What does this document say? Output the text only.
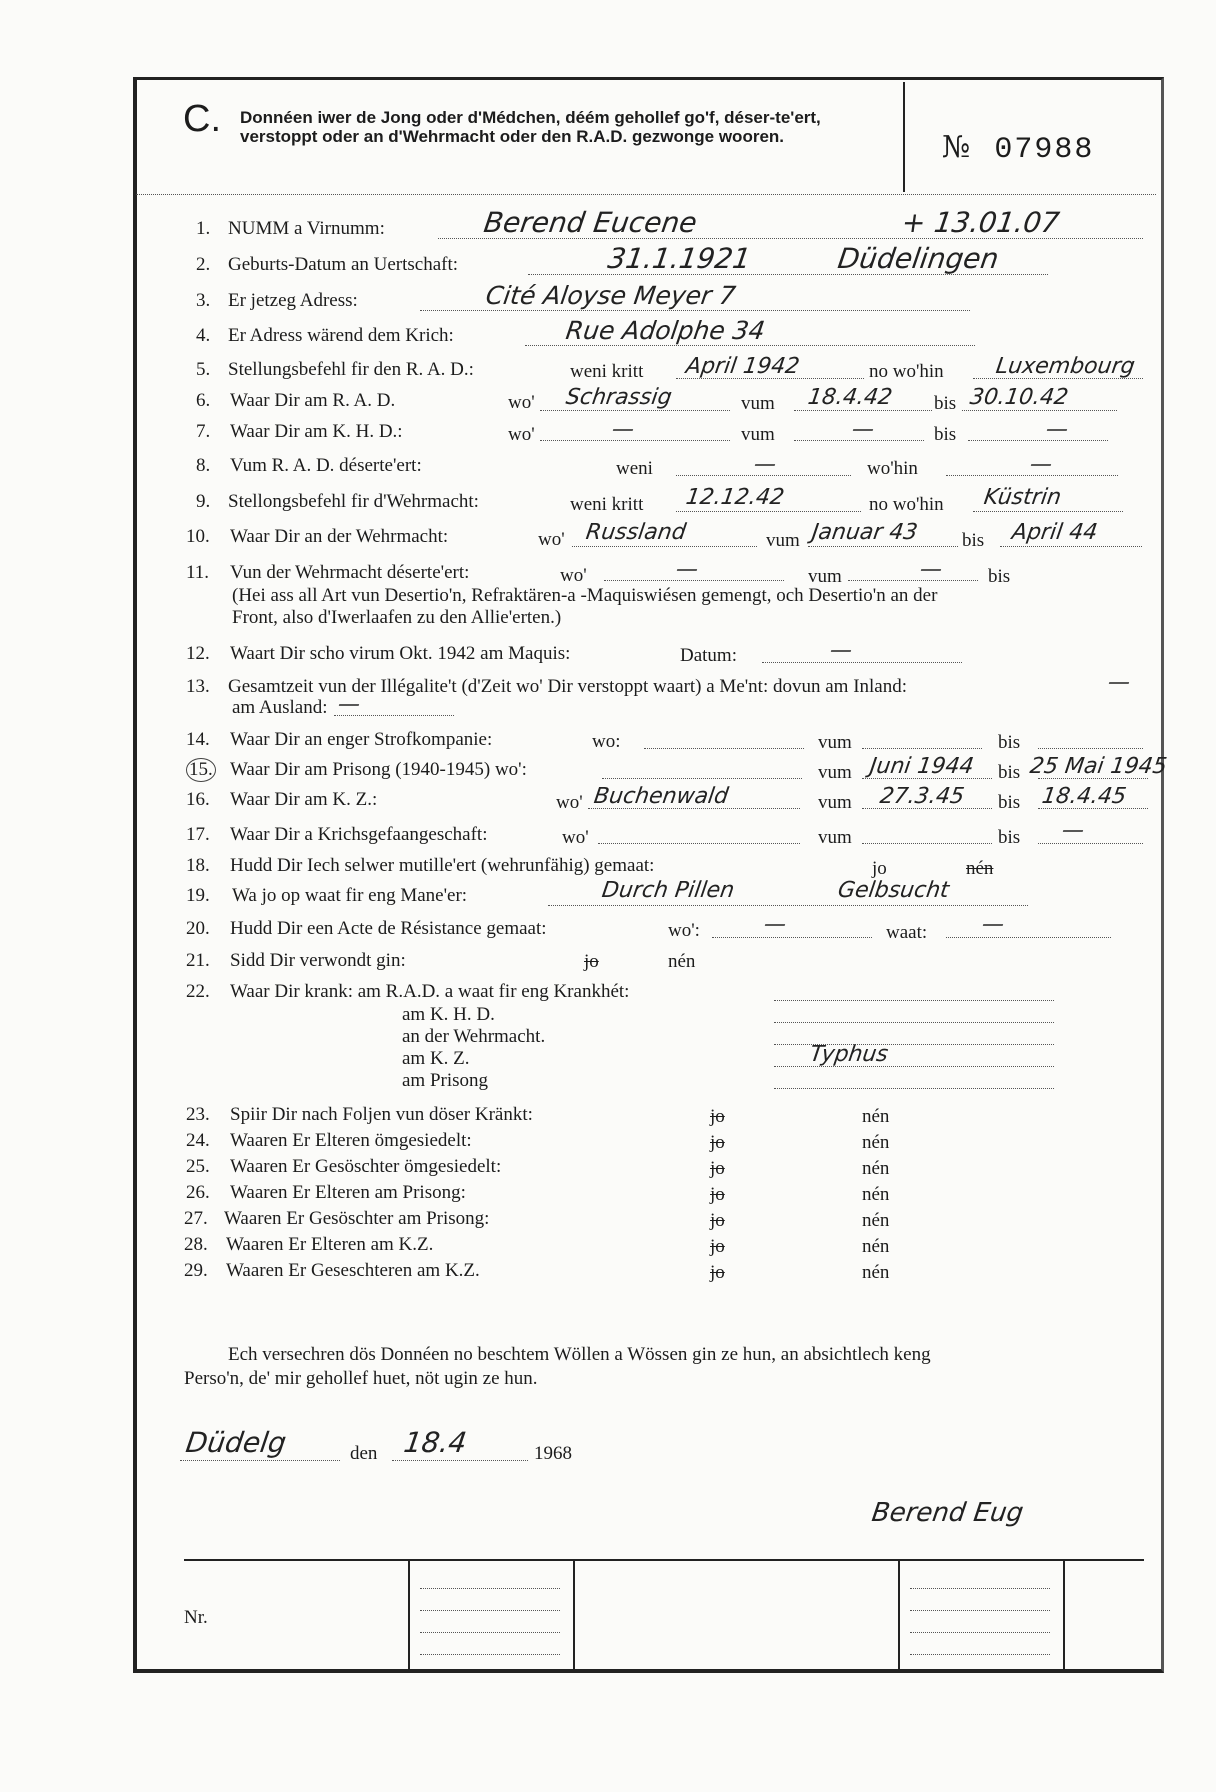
C. Donnéen iwer de Jong oder d'Médchen, déém gehollef go'f, déser-te'ert, verstoppt oder an d'Wehrmacht oder den R.A.D. gezwonge wooren.	№ 07988
1. NUMM a Virnumm:	Berend Eucene	+ 13.01.07
2. Geburts-Datum an Uertschaft:	31.1.1921	Düdelingen
3. Er jetzeg Adress:	Cité Aloyse Meyer 7
4. Er Adress wärend dem Krich:	Rue Adolphe 34
5. Stellungsbefehl fir den R. A. D.:	weni kritt April 1942	no wo'hin Luxembourg
6. Waar Dir am R. A. D.	wo' Schrassig	vum 18.4.42 bis 30.10.42
7. Waar Dir am K. H. D.:	wo'	—	vum	—	bis	—
8. Vum R. A. D. déserte'ert:	weni	—	wo'hin	—
9. Stellongsbefehl fir d'Wehrmacht:	weni kritt 12.12.42	no wo'hin Küstrin
10. Waar Dir an der Wehrmacht:	wo' Russland	vum Januar 43 bis April 44
11. Vun der Wehrmacht déserte'ert:	wo'	—	vum	— bis
(Hei ass all Art vun Desertio'n, Refraktären-a -Maquiswiésen gemengt, och Desertio'n an der
Front, also d'Iwerlaafen zu den Allie'erten.)
12. Waart Dir scho virum Okt. 1942 am Maquis:	Datum:	—
13. Gesamtzeit vun der Illégalite't (d'Zeit wo' Dir verstoppt waart) a Me'nt: dovun am Inland:	—
am Ausland: —
14. Waar Dir an enger Strofkompanie:	wo:	vum	bis
15. Waar Dir am Prisong (1940-1945) wo':	vum Juni 1944 bis 25 Mai 1945
16. Waar Dir am K. Z.:	wo' Buchenwald	vum 27.3.45 bis 18.4.45
17. Waar Dir a Krichsgefaangeschaft:	wo'	vum	bis —
18. Hudd Dir Iech selwer mutille'ert (wehrunfähig) gemaat:	jo	nén
19. Wa jo op waat fir eng Mane'er:	Durch Pillen	Gelbsucht
20. Hudd Dir een Acte de Résistance gemaat:	wo':	—	waat: —
21. Sidd Dir verwondt gin:	jo	nén
22. Waar Dir krank: am R.A.D. a waat fir eng Krankhét:
am K. H. D.
an der Wehrmacht.
am K. Z.	Typhus
am Prisong
23. Spiir Dir nach Foljen vun döser Kränkt:	jo	nén
24. Waaren Er Elteren ömgesiedelt:	jo	nén
25. Waaren Er Gesöschter ömgesiedelt:	jo	nén
26. Waaren Er Elteren am Prisong:	jo	nén
27. Waaren Er Gesöschter am Prisong:	jo	nén
28. Waaren Er Elteren am K.Z.	jo	nén
29. Waaren Er Geseschteren am K.Z.	jo	nén
Ech versechren dös Donnéen no beschtem Wöllen a Wössen gin ze hun, an absichtlech keng
Perso'n, de' mir gehollef huet, nöt ugin ze hun.
Düdelg	den 18.4	1968
Berend Eug
Nr.
